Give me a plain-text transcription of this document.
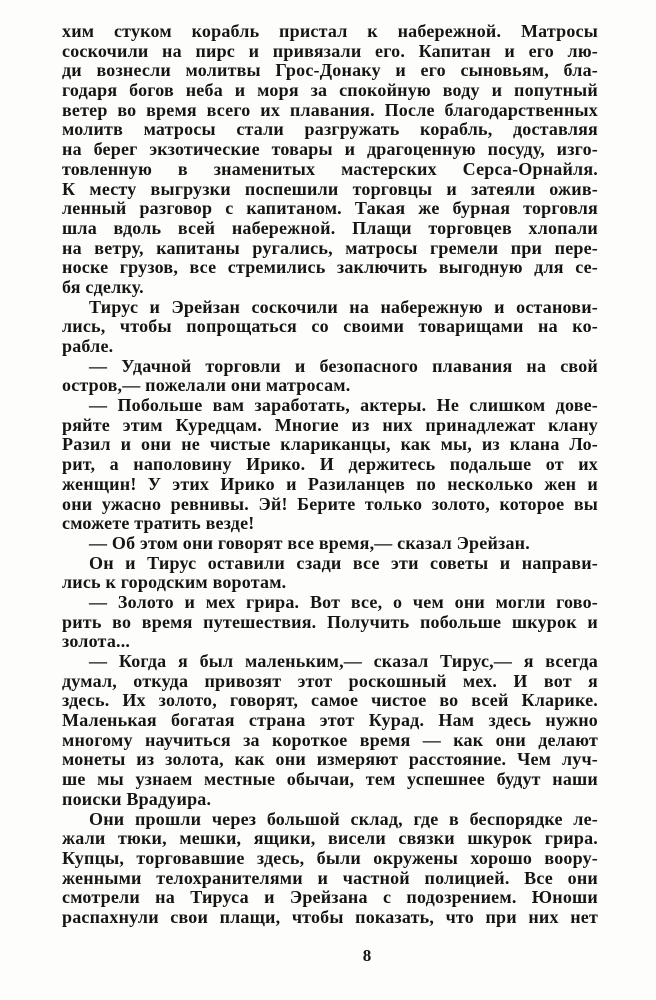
хим стуком корабль пристал к набережной. Матросы
соскочили на пирс и привязали его. Капитан и его лю-
ди вознесли молитвы Грос-Донаку и его сыновьям, бла-
годаря богов неба и моря за спокойную воду и попутный
ветер во время всего их плавания. После благодарственных
молитв матросы стали разгружать корабль, доставляя
на берег экзотические товары и драгоценную посуду, изго-
товленную в знаменитых мастерских Серса-Орнайля.
К месту выгрузки поспешили торговцы и затеяли ожив-
ленный разговор с капитаном. Такая же бурная торговля
шла вдоль всей набережной. Плащи торговцев хлопали
на ветру, капитаны ругались, матросы гремели при пере-
носке грузов, все стремились заключить выгодную для се-
бя сделку.
Тирус и Эрейзан соскочили на набережную и останови-
лись, чтобы попрощаться со своими товарищами на ко-
рабле.
— Удачной торговли и безопасного плавания на свой
остров,— пожелали они матросам.
— Побольше вам заработать, актеры. Не слишком дове-
ряйте этим Куредцам. Многие из них принадлежат клану
Разил и они не чистые клариканцы, как мы, из клана Ло-
рит, а наполовину Ирико. И держитесь подальше от их
женщин! У этих Ирико и Разиланцев по несколько жен и
они ужасно ревнивы. Эй! Берите только золото, которое вы
сможете тратить везде!
— Об этом они говорят все время,— сказал Эрейзан.
Он и Тирус оставили сзади все эти советы и направи-
лись к городским воротам.
— Золото и мех грира. Вот все, о чем они могли гово-
рить во время путешествия. Получить побольше шкурок и
золота...
— Когда я был маленьким,— сказал Тирус,— я всегда
думал, откуда привозят этот роскошный мех. И вот я
здесь. Их золото, говорят, самое чистое во всей Кларике.
Маленькая богатая страна этот Курад. Нам здесь нужно
многому научиться за короткое время — как они делают
монеты из золота, как они измеряют расстояние. Чем луч-
ше мы узнаем местные обычаи, тем успешнее будут наши
поиски Врадуира.
Они прошли через большой склад, где в беспорядке ле-
жали тюки, мешки, ящики, висели связки шкурок грира.
Купцы, торговавшие здесь, были окружены хорошо воору-
женными телохранителями и частной полицией. Все они
смотрели на Тируса и Эрейзана с подозрением. Юноши
распахнули свои плащи, чтобы показать, что при них нет
8
